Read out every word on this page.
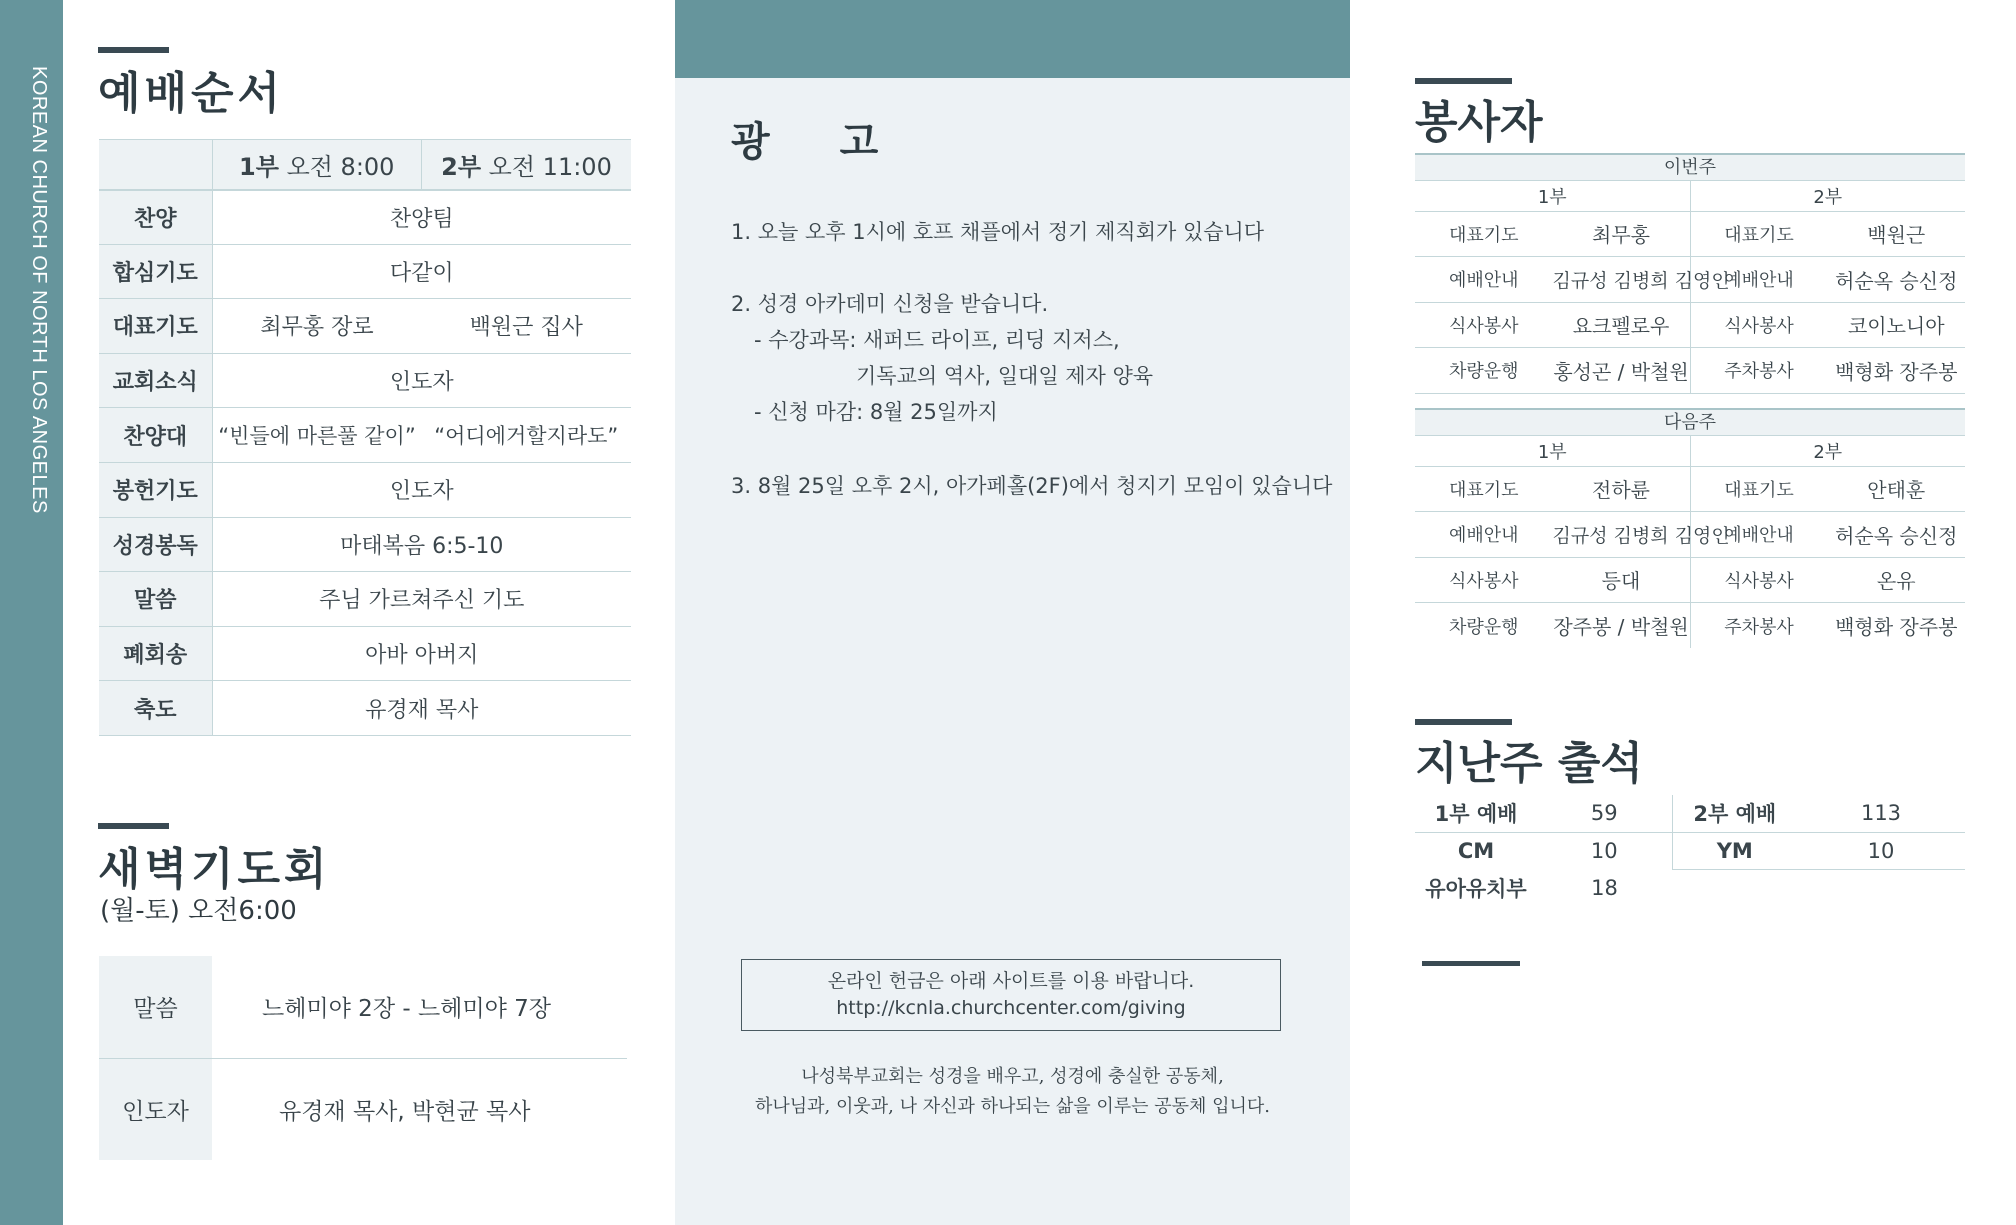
KOREAN CHURCH OF NORTH LOS ANGELES 예배순서
	1부 오전 8:00	2부 오전 11:00
찬양	찬양팀	
합심기도	다같이	
대표기도	최무홍 장로	백원근 집사
교회소식	인도자	
찬양대	“빈들에 마른풀 같이”	“어디에거할지라도”
봉헌기도	인도자	
성경봉독	마태복음 6:5-10	
말씀	주님 가르쳐주신 기도	
폐회송	아바 아버지	
축도	유경재 목사	
새벽기도회
(월-토) 오전6:00
말씀	느헤미야 2장 - 느헤미야 7장
인도자	유경재 목사, 박현균 목사
광 고
1. 오늘 오후 1시에 호프 채플에서 정기 제직회가 있습니다
2. 성경 아카데미 신청을 받습니다.
- 수강과목: 새퍼드 라이프, 리딩 지저스,
기독교의 역사, 일대일 제자 양육
- 신청 마감: 8월 25일까지
3. 8월 25일 오후 2시, 아가페홀(2F)에서 청지기 모임이 있습니다
온라인 헌금은 아래 사이트를 이용 바랍니다.
http://kcnla.churchcenter.com/giving
나성북부교회는 성경을 배우고, 성경에 충실한 공동체,
하나님과, 이웃과, 나 자신과 하나되는 삶을 이루는 공동체 입니다.
봉사자
이번주
1부		2부	
대표기도	최무홍	대표기도	백원근
예배안내	김규성 김병희 김영인	예배안내	허순옥 승신정
식사봉사	요크펠로우	식사봉사	코이노니아
차량운행	홍성곤 / 박철원	주차봉사	백형화 장주봉
다음주
1부		2부	
대표기도	전하륜	대표기도	안태훈
예배안내	김규성 김병희 김영인	예배안내	허순옥 승신정
식사봉사	등대	식사봉사	온유
차량운행	장주봉 / 박철원	주차봉사	백형화 장주봉
지난주 출석
1부 예배	59	2부 예배	113
CM	10	YM	10
유아유치부	18		
